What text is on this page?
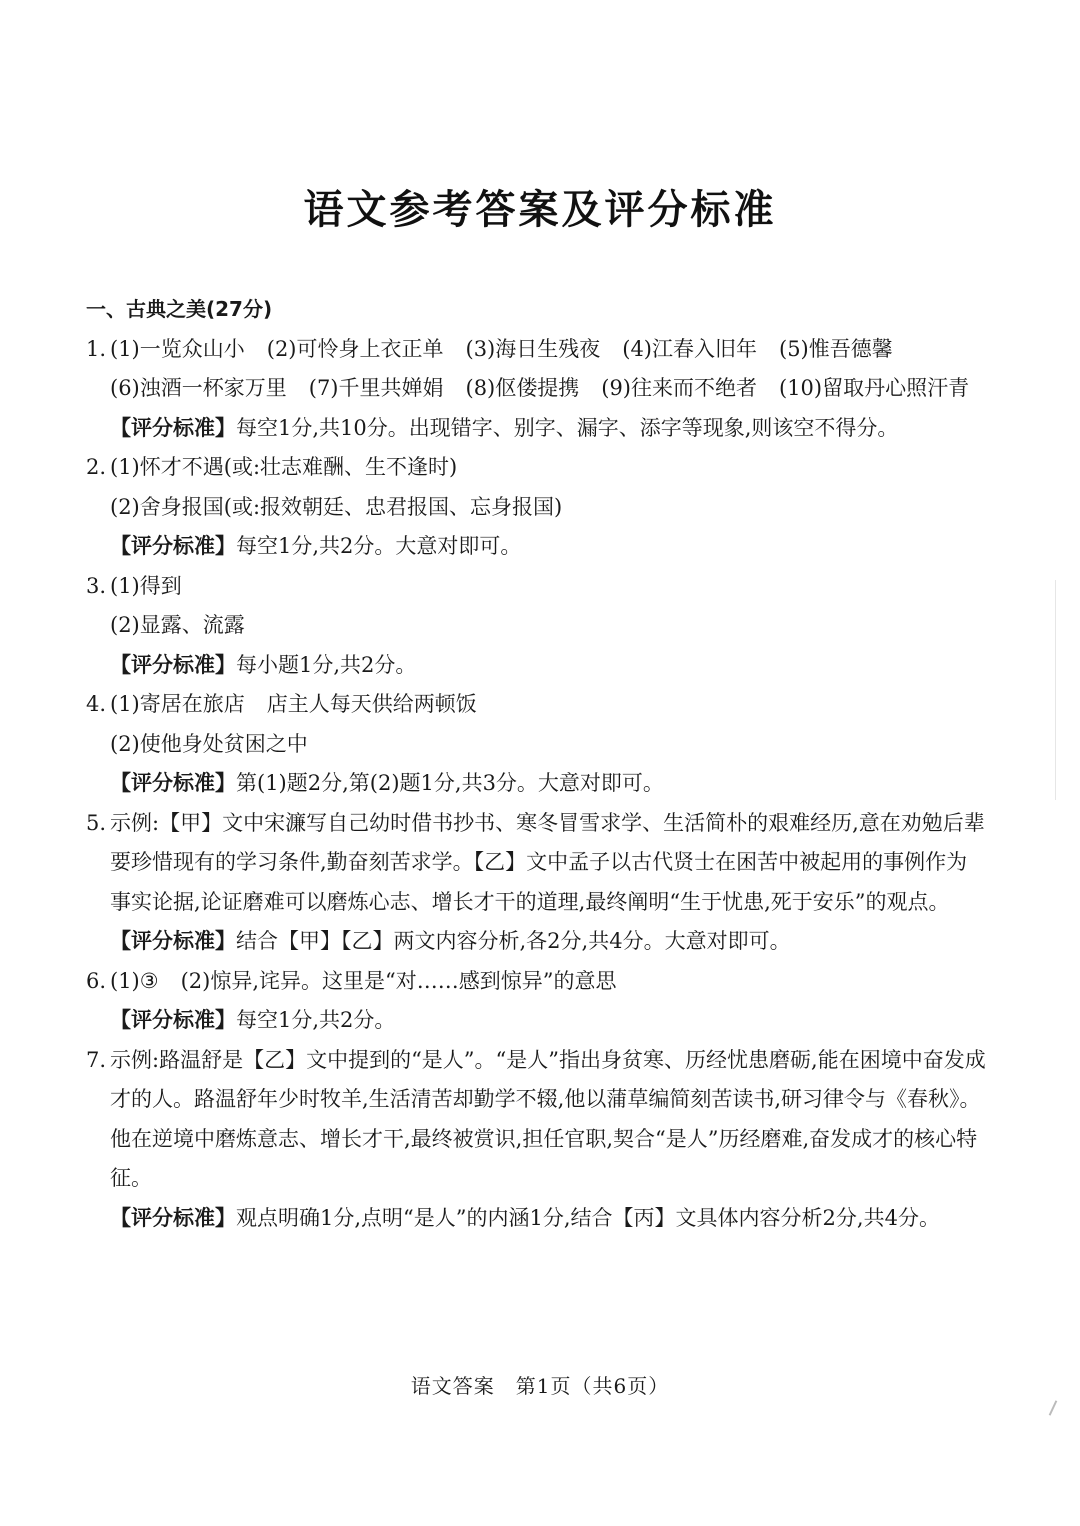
语文参考答案及评分标准
一、古典之美(27分)
1. (1)一览众山小 (2)可怜身上衣正单 (3)海日生残夜 (4)江春入旧年 (5)惟吾德馨
(6)浊酒一杯家万里 (7)千里共婵娟 (8)伛偻提携 (9)往来而不绝者 (10)留取丹心照汗青
【评分标准】每空1分,共10分。出现错字、别字、漏字、添字等现象,则该空不得分。
2. (1)怀才不遇(或:壮志难酬、生不逢时)
(2)舍身报国(或:报效朝廷、忠君报国、忘身报国)
【评分标准】每空1分,共2分。大意对即可。
3. (1)得到
(2)显露、流露
【评分标准】每小题1分,共2分。
4. (1)寄居在旅店 店主人每天供给两顿饭
(2)使他身处贫困之中
【评分标准】第(1)题2分,第(2)题1分,共3分。大意对即可。
5. 示例:【甲】文中宋濂写自己幼时借书抄书、寒冬冒雪求学、生活简朴的艰难经历,意在劝勉后辈要珍惜现有的学习条件,勤奋刻苦求学。【乙】文中孟子以古代贤士在困苦中被起用的事例作为事实论据,论证磨难可以磨炼心志、增长才干的道理,最终阐明“生于忧患,死于安乐”的观点。
【评分标准】结合【甲】【乙】两文内容分析,各2分,共4分。大意对即可。
6. (1)③ (2)惊异,诧异。这里是“对……感到惊异”的意思
【评分标准】每空1分,共2分。
7. 示例:路温舒是【乙】文中提到的“是人”。“是人”指出身贫寒、历经忧患磨砺,能在困境中奋发成才的人。路温舒年少时牧羊,生活清苦却勤学不辍,他以蒲草编简刻苦读书,研习律令与《春秋》。他在逆境中磨炼意志、增长才干,最终被赏识,担任官职,契合“是人”历经磨难,奋发成才的核心特征。
【评分标准】观点明确1分,点明“是人”的内涵1分,结合【丙】文具体内容分析2分,共4分。
语文答案　第1页（共6页）
